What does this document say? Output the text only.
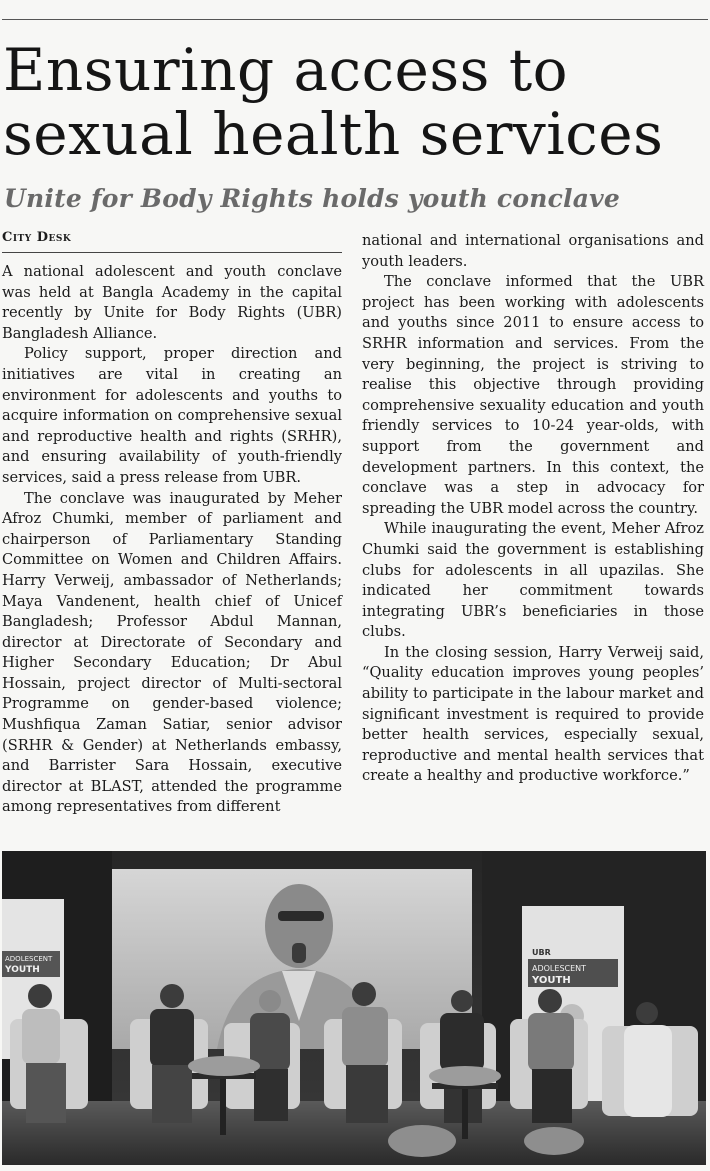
Ensuring access to sexual health services
Unite for Body Rights holds youth conclave
City Desk

A national adolescent and youth conclave was held at Bangla Academy in the capital recently by Unite for Body Rights (UBR) Bangladesh Alliance.

Policy support, proper direction and initiatives are vital in creating an environment for adolescents and youths to acquire information on comprehensive sexual and reproductive health and rights (SRHR), and ensuring availability of youth-friendly services, said a press release from UBR.

The conclave was inaugurated by Meher Afroz Chumki, member of parliament and chairperson of Parliamentary Standing Committee on Women and Children Affairs. Harry Verweij, ambassador of Netherlands; Maya Vandenent, health chief of Unicef Bangladesh; Professor Abdul Mannan, director at Directorate of Secondary and Higher Secondary Education; Dr Abul Hossain, project director of Multi-sectoral Programme on gender-based violence; Mushfiqua Zaman Satiar, senior advisor (SRHR & Gender) at Netherlands embassy, and Barrister Sara Hossain, executive director at BLAST, attended the programme among representatives from different

national and international organisations and youth leaders.

The conclave informed that the UBR project has been working with adolescents and youths since 2011 to ensure access to SRHR information and services. From the very beginning, the project is striving to realise this objective through providing comprehensive sexuality education and youth friendly services to 10-24 year-olds, with support from the government and development partners. In this context, the conclave was a step in advocacy for spreading the UBR model across the country.

While inaugurating the event, Meher Afroz Chumki said the government is establishing clubs for adolescents in all upazilas. She indicated her commitment towards integrating UBR’s beneficiaries in those clubs.

In the closing session, Harry Verweij said, “Quality education improves young peoples’ ability to participate in the labour market and significant investment is required to provide better health services, especially sexual, reproductive and mental health services that create a healthy and productive workforce.”

ADOLESCENT
YOUTH
UBR
ADOLESCENT
YOUTH
